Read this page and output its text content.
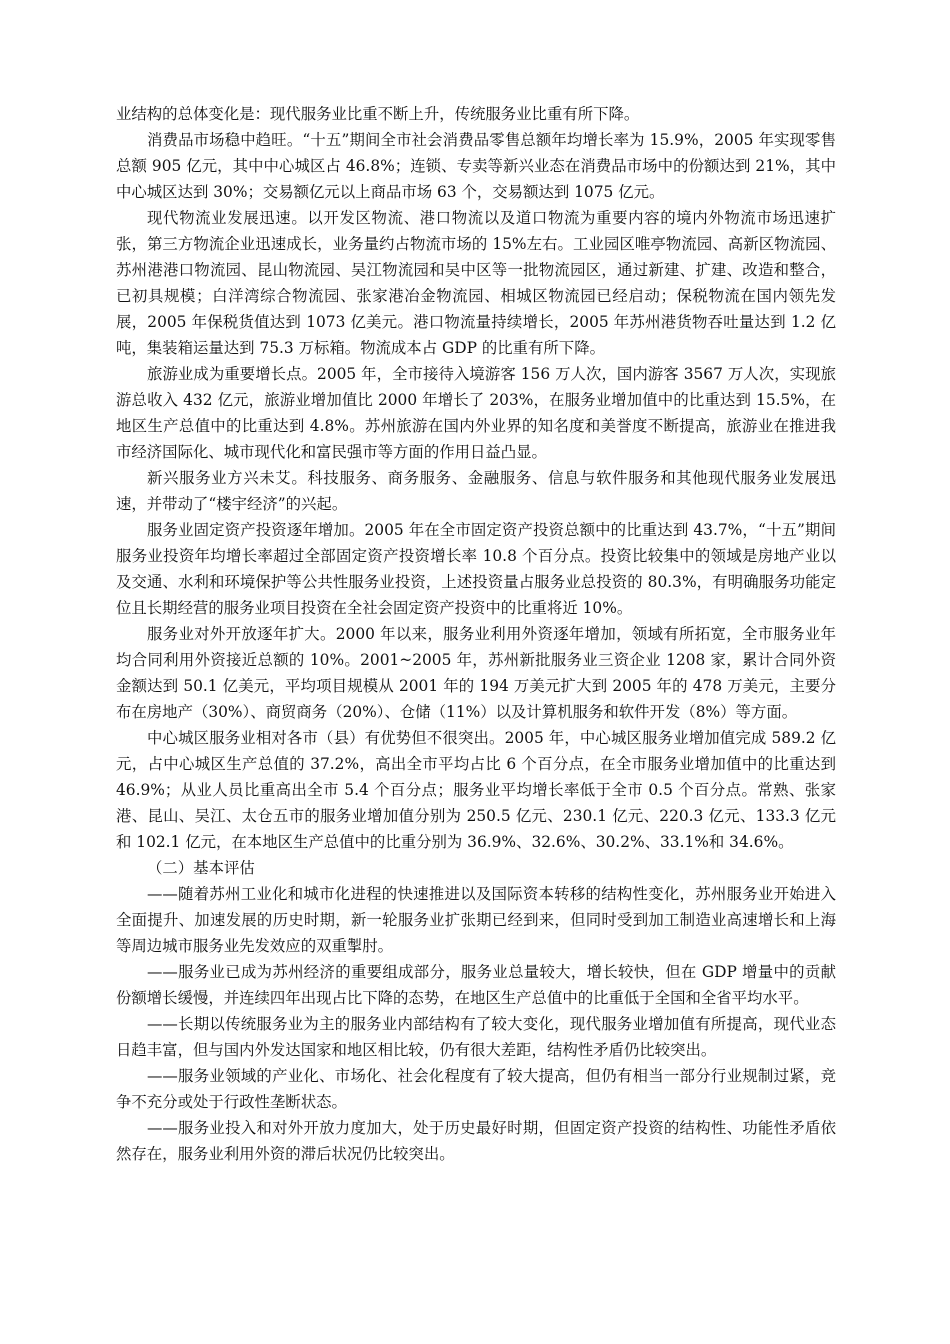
业结构的总体变化是：现代服务业比重不断上升，传统服务业比重有所下降。

消费品市场稳中趋旺。“十五”期间全市社会消费品零售总额年均增长率为 15.9%，2005 年实现零售总额 905 亿元，其中中心城区占 46.8%；连锁、专卖等新兴业态在消费品市场中的份额达到 21%，其中中心城区达到 30%；交易额亿元以上商品市场 63 个，交易额达到 1075 亿元。

现代物流业发展迅速。以开发区物流、港口物流以及道口物流为重要内容的境内外物流市场迅速扩张，第三方物流企业迅速成长，业务量约占物流市场的 15%左右。工业园区唯亭物流园、高新区物流园、苏州港港口物流园、昆山物流园、吴江物流园和吴中区等一批物流园区，通过新建、扩建、改造和整合，已初具规模；白洋湾综合物流园、张家港冶金物流园、相城区物流园已经启动；保税物流在国内领先发展，2005 年保税货值达到 1073 亿美元。港口物流量持续增长，2005 年苏州港货物吞吐量达到 1.2 亿吨，集装箱运量达到 75.3 万标箱。物流成本占 GDP 的比重有所下降。

旅游业成为重要增长点。2005 年，全市接待入境游客 156 万人次，国内游客 3567 万人次，实现旅游总收入 432 亿元，旅游业增加值比 2000 年增长了 203%，在服务业增加值中的比重达到 15.5%，在地区生产总值中的比重达到 4.8%。苏州旅游在国内外业界的知名度和美誉度不断提高，旅游业在推进我市经济国际化、城市现代化和富民强市等方面的作用日益凸显。

新兴服务业方兴未艾。科技服务、商务服务、金融服务、信息与软件服务和其他现代服务业发展迅速，并带动了“楼宇经济”的兴起。

服务业固定资产投资逐年增加。2005 年在全市固定资产投资总额中的比重达到 43.7%，“十五”期间服务业投资年均增长率超过全部固定资产投资增长率 10.8 个百分点。投资比较集中的领域是房地产业以及交通、水利和环境保护等公共性服务业投资，上述投资量占服务业总投资的 80.3%，有明确服务功能定位且长期经营的服务业项目投资在全社会固定资产投资中的比重将近 10%。

服务业对外开放逐年扩大。2000 年以来，服务业利用外资逐年增加，领域有所拓宽，全市服务业年均合同利用外资接近总额的 10%。2001~2005 年，苏州新批服务业三资企业 1208 家，累计合同外资金额达到 50.1 亿美元，平均项目规模从 2001 年的 194 万美元扩大到 2005 年的 478 万美元，主要分布在房地产（30%）、商贸商务（20%）、仓储（11%）以及计算机服务和软件开发（8%）等方面。

中心城区服务业相对各市（县）有优势但不很突出。2005 年，中心城区服务业增加值完成 589.2 亿元，占中心城区生产总值的 37.2%，高出全市平均占比 6 个百分点，在全市服务业增加值中的比重达到 46.9%；从业人员比重高出全市 5.4 个百分点；服务业平均增长率低于全市 0.5 个百分点。常熟、张家港、昆山、吴江、太仓五市的服务业增加值分别为 250.5 亿元、230.1 亿元、220.3 亿元、133.3 亿元和 102.1 亿元，在本地区生产总值中的比重分别为 36.9%、32.6%、30.2%、33.1%和 34.6%。

（二）基本评估

——随着苏州工业化和城市化进程的快速推进以及国际资本转移的结构性变化，苏州服务业开始进入全面提升、加速发展的历史时期，新一轮服务业扩张期已经到来，但同时受到加工制造业高速增长和上海等周边城市服务业先发效应的双重掣肘。

——服务业已成为苏州经济的重要组成部分，服务业总量较大，增长较快，但在 GDP 增量中的贡献份额增长缓慢，并连续四年出现占比下降的态势，在地区生产总值中的比重低于全国和全省平均水平。

——长期以传统服务业为主的服务业内部结构有了较大变化，现代服务业增加值有所提高，现代业态日趋丰富，但与国内外发达国家和地区相比较，仍有很大差距，结构性矛盾仍比较突出。

——服务业领域的产业化、市场化、社会化程度有了较大提高，但仍有相当一部分行业规制过紧，竞争不充分或处于行政性垄断状态。

——服务业投入和对外开放力度加大，处于历史最好时期，但固定资产投资的结构性、功能性矛盾依然存在，服务业利用外资的滞后状况仍比较突出。
